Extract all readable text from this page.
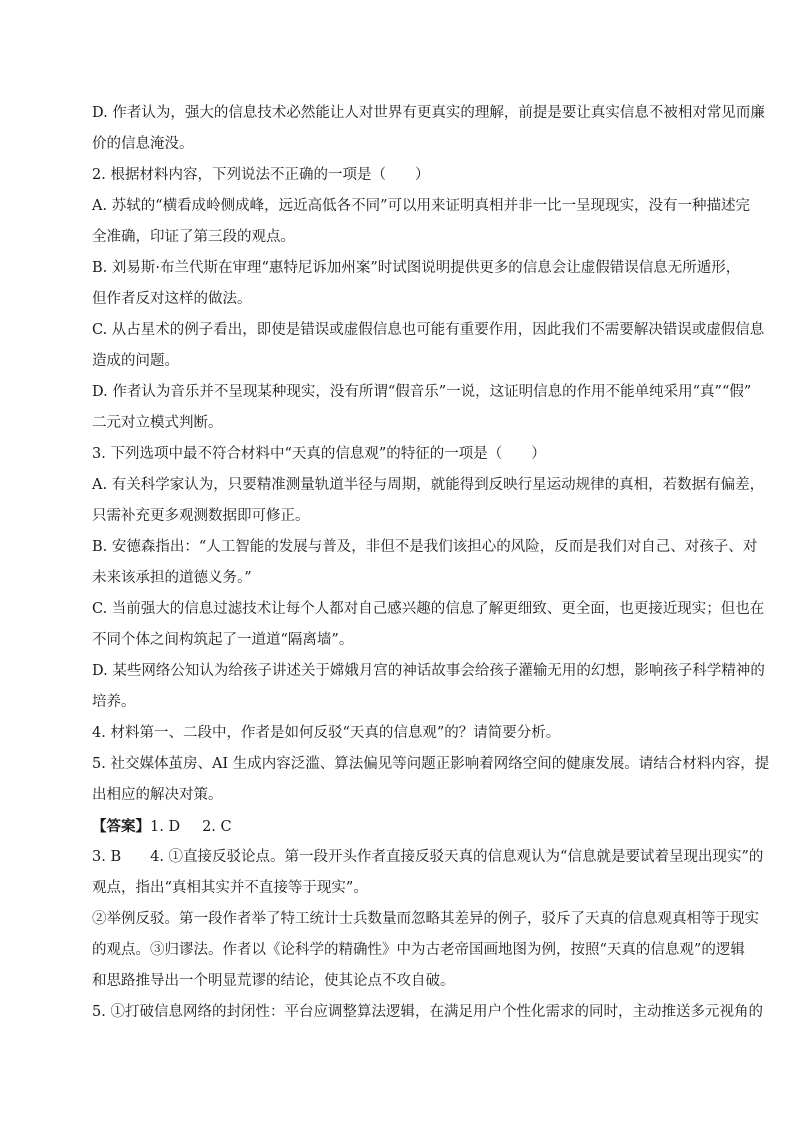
D. 作者认为，强大的信息技术必然能让人对世界有更真实的理解，前提是要让真实信息不被相对常见而廉
价的信息淹没。
2. 根据材料内容，下列说法不正确的一项是（　　）
A. 苏轼的“横看成岭侧成峰，远近高低各不同”可以用来证明真相并非一比一呈现现实，没有一种描述完
全准确，印证了第三段的观点。
B. 刘易斯·布兰代斯在审理“惠特尼诉加州案”时试图说明提供更多的信息会让虚假错误信息无所遁形，
但作者反对这样的做法。
C. 从占星术的例子看出，即使是错误或虚假信息也可能有重要作用，因此我们不需要解决错误或虚假信息
造成的问题。
D. 作者认为音乐并不呈现某种现实，没有所谓“假音乐”一说，这证明信息的作用不能单纯采用“真”“假”
二元对立模式判断。
3. 下列选项中最不符合材料中“天真的信息观”的特征的一项是（　　）
A. 有关科学家认为，只要精准测量轨道半径与周期，就能得到反映行星运动规律的真相，若数据有偏差，
只需补充更多观测数据即可修正。
B. 安德森指出：“人工智能的发展与普及，非但不是我们该担心的风险，反而是我们对自己、对孩子、对
未来该承担的道德义务。”
C. 当前强大的信息过滤技术让每个人都对自己感兴趣的信息了解更细致、更全面，也更接近现实；但也在
不同个体之间构筑起了一道道“隔离墙”。
D. 某些网络公知认为给孩子讲述关于嫦娥月宫的神话故事会给孩子灌输无用的幻想，影响孩子科学精神的
培养。
4. 材料第一、二段中，作者是如何反驳“天真的信息观”的？请简要分析。
5. 社交媒体茧房、AI 生成内容泛滥、算法偏见等问题正影响着网络空间的健康发展。请结合材料内容，提
出相应的解决对策。
【答案】1. D 2. C
3. B　　4. ①直接反驳论点。第一段开头作者直接反驳天真的信息观认为“信息就是要试着呈现出现实”的
观点，指出“真相其实并不直接等于现实”。
②举例反驳。第一段作者举了特工统计士兵数量而忽略其差异的例子，驳斥了天真的信息观真相等于现实
的观点。③归谬法。作者以《论科学的精确性》中为古老帝国画地图为例，按照“天真的信息观”的逻辑
和思路推导出一个明显荒谬的结论，使其论点不攻自破。
5. ①打破信息网络的封闭性：平台应调整算法逻辑，在满足用户个性化需求的同时，主动推送多元视角的
